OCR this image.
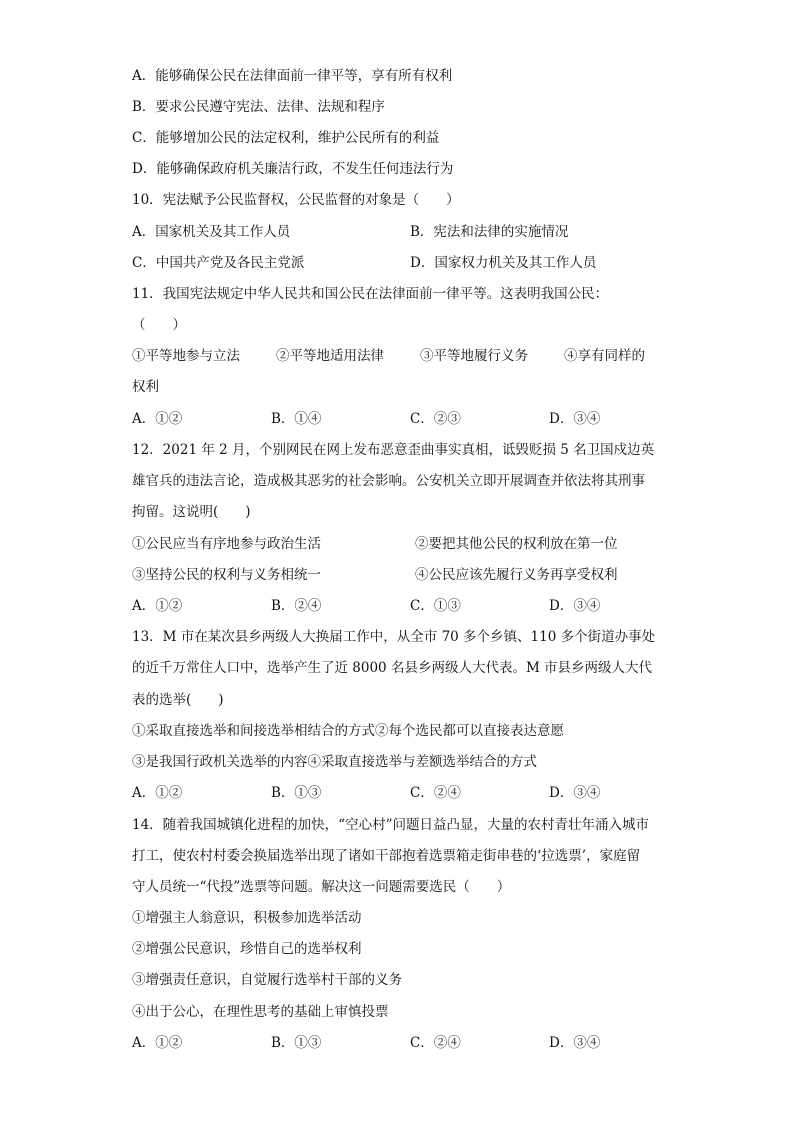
A．能够确保公民在法律面前一律平等，享有所有权利
B．要求公民遵守宪法、法律、法规和程序
C．能够增加公民的法定权利，维护公民所有的利益
D．能够确保政府机关廉洁行政，不发生任何违法行为
10．宪法赋予公民监督权，公民监督的对象是（　　）
A．国家机关及其工作人员	B．宪法和法律的实施情况
C．中国共产党及各民主党派	D．国家权力机关及其工作人员
11．我国宪法规定中华人民共和国公民在法律面前一律平等。这表明我国公民：
（　　）
①平等地参与立法	②平等地适用法律	③平等地履行义务	④享有同样的
权利
A．①②	B．①④	C．②③	D．③④
12．2021 年 2 月，个别网民在网上发布恶意歪曲事实真相，诋毁贬损 5 名卫国戍边英
雄官兵的违法言论，造成极其恶劣的社会影响。公安机关立即开展调查并依法将其刑事
拘留。这说明(　　)
①公民应当有序地参与政治生活	②要把其他公民的权利放在第一位
③坚持公民的权利与义务相统一	④公民应该先履行义务再享受权利
A．①②	B．②④	C．①③	D．③④
13．M 市在某次县乡两级人大换届工作中，从全市 70 多个乡镇、110 多个街道办事处
的近千万常住人口中，选举产生了近 8000 名县乡两级人大代表。M 市县乡两级人大代
表的选举(　　)
①采取直接选举和间接选举相结合的方式②每个选民都可以直接表达意愿
③是我国行政机关选举的内容④采取直接选举与差额选举结合的方式
A．①②	B．①③	C．②④	D．③④
14．随着我国城镇化进程的加快，“空心村”问题日益凸显，大量的农村青壮年涌入城市
打工，使农村村委会换届选举出现了诸如干部抱着选票箱走街串巷的‘拉选票’，家庭留
守人员统一“代投”选票等问题。解决这一问题需要选民（　　）
①增强主人翁意识，积极参加选举活动
②增强公民意识，珍惜自己的选举权利
③增强责任意识，自觉履行选举村干部的义务
④出于公心，在理性思考的基础上审慎投票
A．①②	B．①③	C．②④	D．③④
